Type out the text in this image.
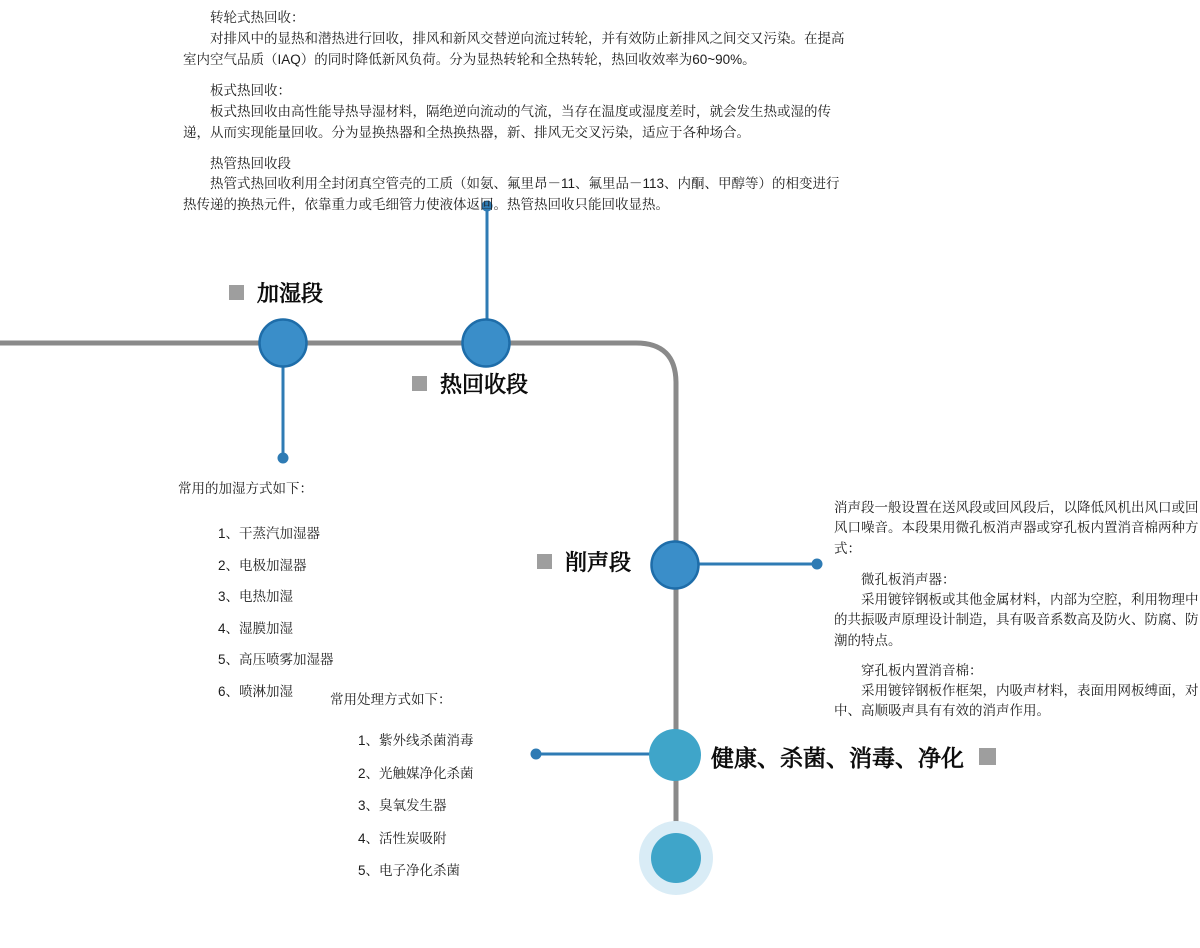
转轮式热回收：

对排风中的显热和潜热进行回收，排风和新风交替逆向流过转轮，并有效防止新排风之间交又污染。在提高室内空气品质（IAQ）的同时降低新风负荷。分为显热转轮和全热转轮，热回收效率为60~90%。

板式热回收：

板式热回收由高性能导热导湿材料，隔绝逆向流动的气流，当存在温度或湿度差时，就会发生热或湿的传递，从而实现能量回收。分为显换热器和全热换热器，新、排风无交叉污染，适应于各种场合。

热管热回收段

热管式热回收利用全封闭真空管壳的工质（如氨、氟里昂－11、氟里品－113、内酮、甲醇等）的相变进行热传递的换热元件，依靠重力或毛细管力使液体返回。热管热回收只能回收显热。

加湿段
热回收段
削声段
健康、杀菌、消毒、净化

常用的加湿方式如下：

1、干蒸汽加湿器
2、电极加湿器
3、电热加湿
4、湿膜加湿
5、高压喷雾加湿器
6、喷淋加湿

常用处理方式如下：

1、紫外线杀菌消毒
2、光触媒净化杀菌
3、臭氧发生器
4、活性炭吸附
5、电子净化杀菌

消声段一般设置在送风段或回风段后，以降低风机出风口或回风口噪音。本段果用微孔板消声器或穿孔板内置消音棉两种方式：

微孔板消声器：

采用镀锌钢板或其他金属材料，内部为空腔，利用物理中的共振吸声原理设计制造，具有吸音系数高及防火、防腐、防潮的特点。

穿孔板内置消音棉：

采用镀锌钢板作框架，内吸声材料，表面用网板缚面，对中、高顺吸声具有有效的消声作用。
